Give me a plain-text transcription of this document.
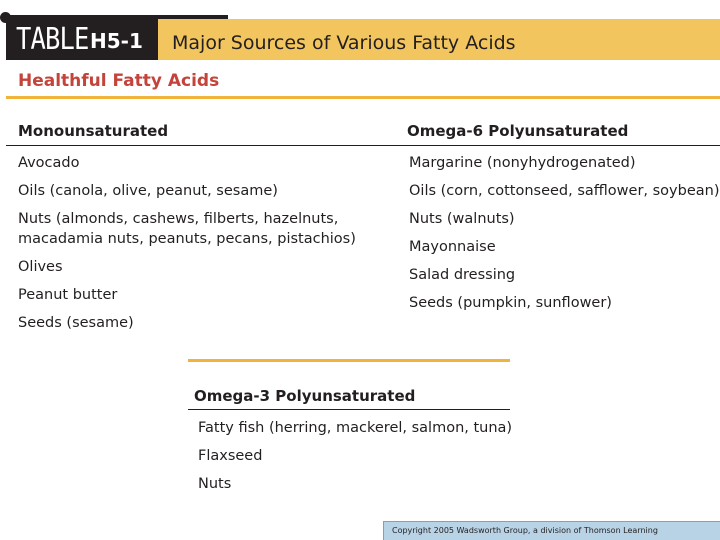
TABLE H5-1 Major Sources of Various Fatty Acids
Healthful Fatty Acids
Monounsaturated	Omega-6 Polyunsaturated
Avocado
Oils (canola, olive, peanut, sesame)
Nuts (almonds, cashews, filberts, hazelnuts,
macadamia nuts, peanuts, pecans, pistachios)
Olives
Peanut butter
Seeds (sesame)
Margarine (nonyhydrogenated)
Oils (corn, cottonseed, safflower, soybean)
Nuts (walnuts)
Mayonnaise
Salad dressing
Seeds (pumpkin, sunflower)
Omega-3 Polyunsaturated
Fatty fish (herring, mackerel, salmon, tuna)
Flaxseed
Nuts
Copyright 2005 Wadsworth Group, a division of Thomson Learning
